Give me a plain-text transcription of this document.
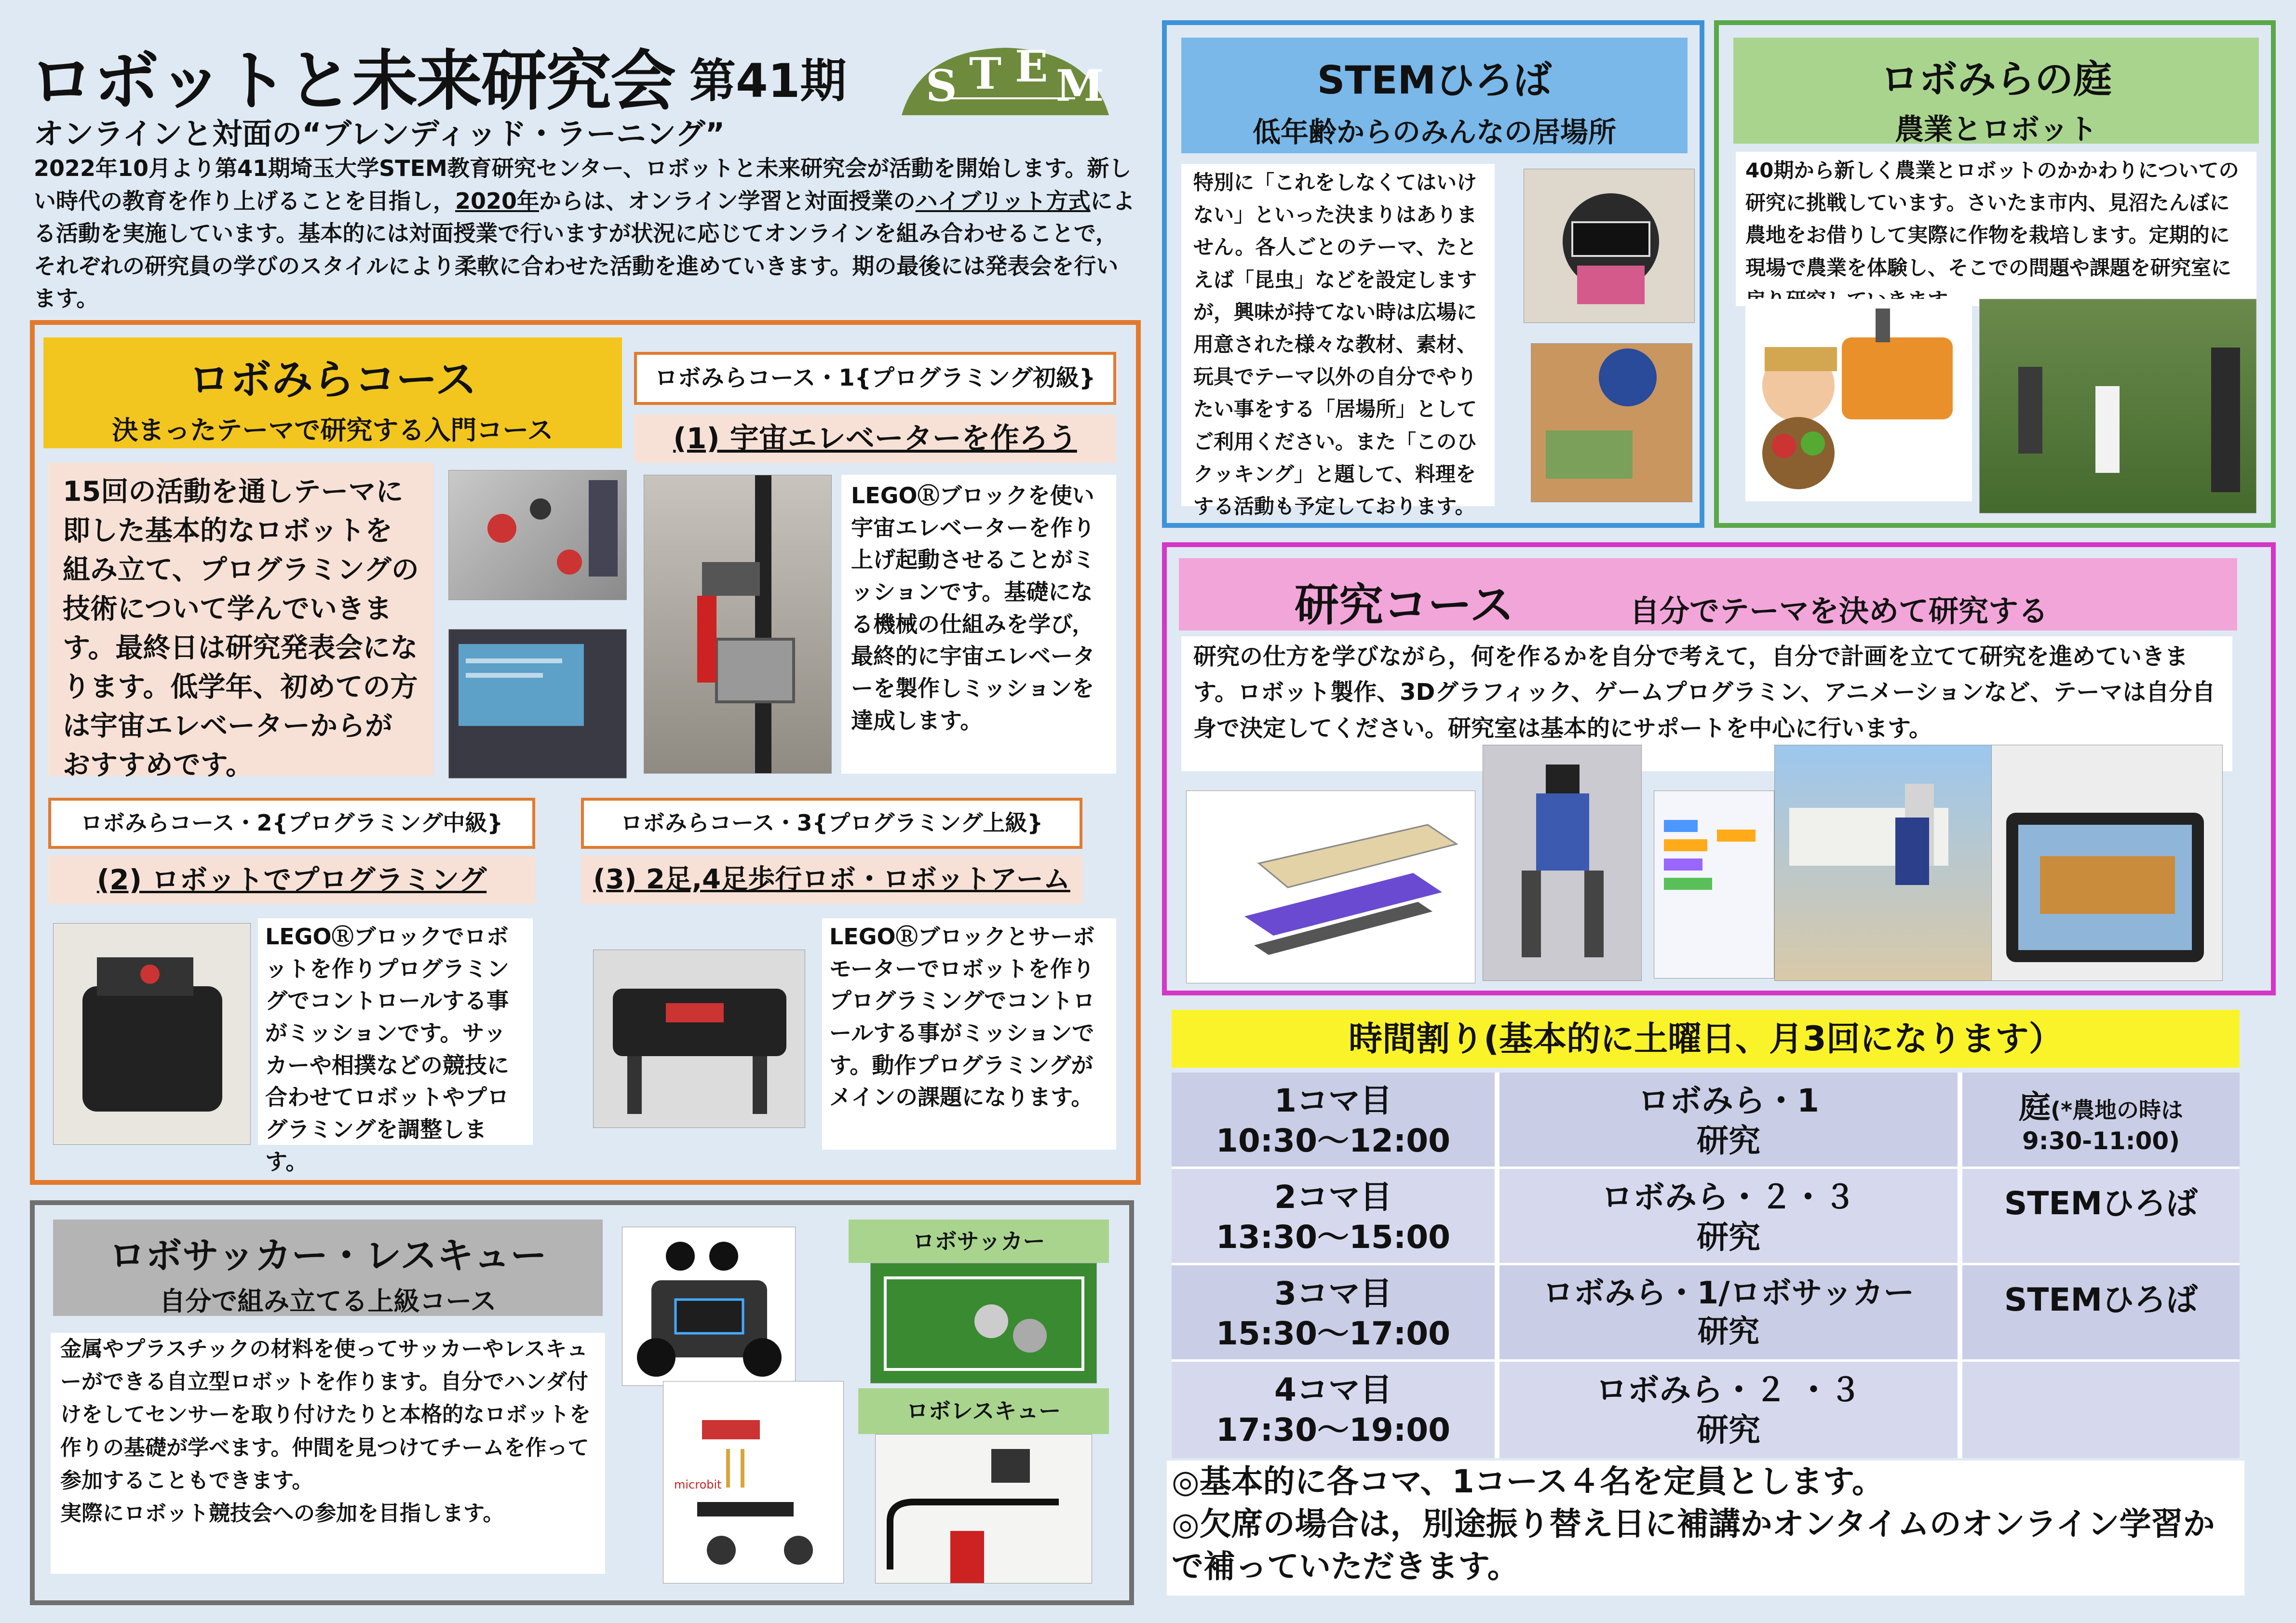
ロボットと未来研究会 第41期 S T E M
オンラインと対面の“ブレンディッド・ラーニング”
2022年10月より第41期埼玉大学STEM教育研究センター、ロボットと未来研究会が活動を開始します。新しい時代の教育を作り上げることを目指し，2020年からは、オンライン学習と対面授業のハイブリット方式による活動を実施しています。基本的には対面授業で行いますが状況に応じてオンラインを組み合わせることで，それぞれの研究員の学びのスタイルにより柔軟に合わせた活動を進めていきます。期の最後には発表会を行います。
ロボみらコース
決まったテーマで研究する入門コース
15回の活動を通しテーマに即した基本的なロボットを組み立て、プログラミングの技術について学んでいきます。最終日は研究発表会になります。低学年、初めての方は宇宙エレベーターからがおすすめです。
ロボみらコース・1{プログラミング初級}
(1) 宇宙エレベーターを作ろう
LEGOⓇブロックを使い宇宙エレベーターを作り上げ起動させることがミッションです。基礎になる機械の仕組みを学び，最終的に宇宙エレベーターを製作しミッションを達成します。
ロボみらコース・2{プログラミング中級}
(2) ロボットでプログラミング
LEGOⓇブロックでロボットを作りプログラミングでコントロールする事がミッションです。サッカーや相撲などの競技に合わせてロボットやプログラミングを調整します。
ロボみらコース・3{プログラミング上級}
(3) 2足,4足歩行ロボ・ロボットアーム
LEGOⓇブロックとサーボモーターでロボットを作りプログラミングでコントロールする事がミッションです。動作プログラミングがメインの課題になります。
ロボサッカー・レスキュー
自分で組み立てる上級コース
金属やプラスチックの材料を使ってサッカーやレスキューができる自立型ロボットを作ります。自分でハンダ付けをしてセンサーを取り付けたりと本格的なロボットを作りの基礎が学べます。仲間を見つけてチームを作って参加することもできます。
実際にロボット競技会への参加を目指します。
microbit
ロボサッカー
ロボレスキュー
STEMひろば
低年齢からのみんなの居場所
特別に「これをしなくてはいけない」といった決まりはありません。各人ごとのテーマ、たとえば「昆虫」などを設定しますが，興味が持てない時は広場に用意された様々な教材、素材、玩具でテーマ以外の自分でやりたい事をする「居場所」としてご利用ください。また「このひクッキング」と題して、料理をする活動も予定しております。
ロボみらの庭
農業とロボット
40期から新しく農業とロボットのかかわりについての研究に挑戦しています。さいたま市内、見沼たんぼに農地をお借りして実際に作物を栽培します。定期的に現場で農業を体験し、そこでの問題や課題を研究室に
研究コース	自分でテーマを決めて研究する
研究の仕方を学びながら，何を作るかを自分で考えて，自分で計画を立てて研究を進めていきます。ロボット製作、3Dグラフィック、ゲームプログラミン、アニメーションなど、テーマは自分自身で決定してください。研究室は基本的にサポートを中心に行います。
時間割り(基本的に土曜日、月3回になります）
1コマ目
10:30～12:00
ロボみら・1
研究
庭(*農地の時は
9:30-11:00)
2コマ目
13:30～15:00
ロボみら・２・３
研究
STEMひろば
3コマ目
15:30～17:00
ロボみら・1/ロボサッカー
研究
STEMひろば
4コマ目
17:30～19:00
ロボみら・２ ・３
研究
◎基本的に各コマ、1コース４名を定員とします。
◎欠席の場合は，別途振り替え日に補講かオンタイムのオンライン学習かで補っていただきます。
